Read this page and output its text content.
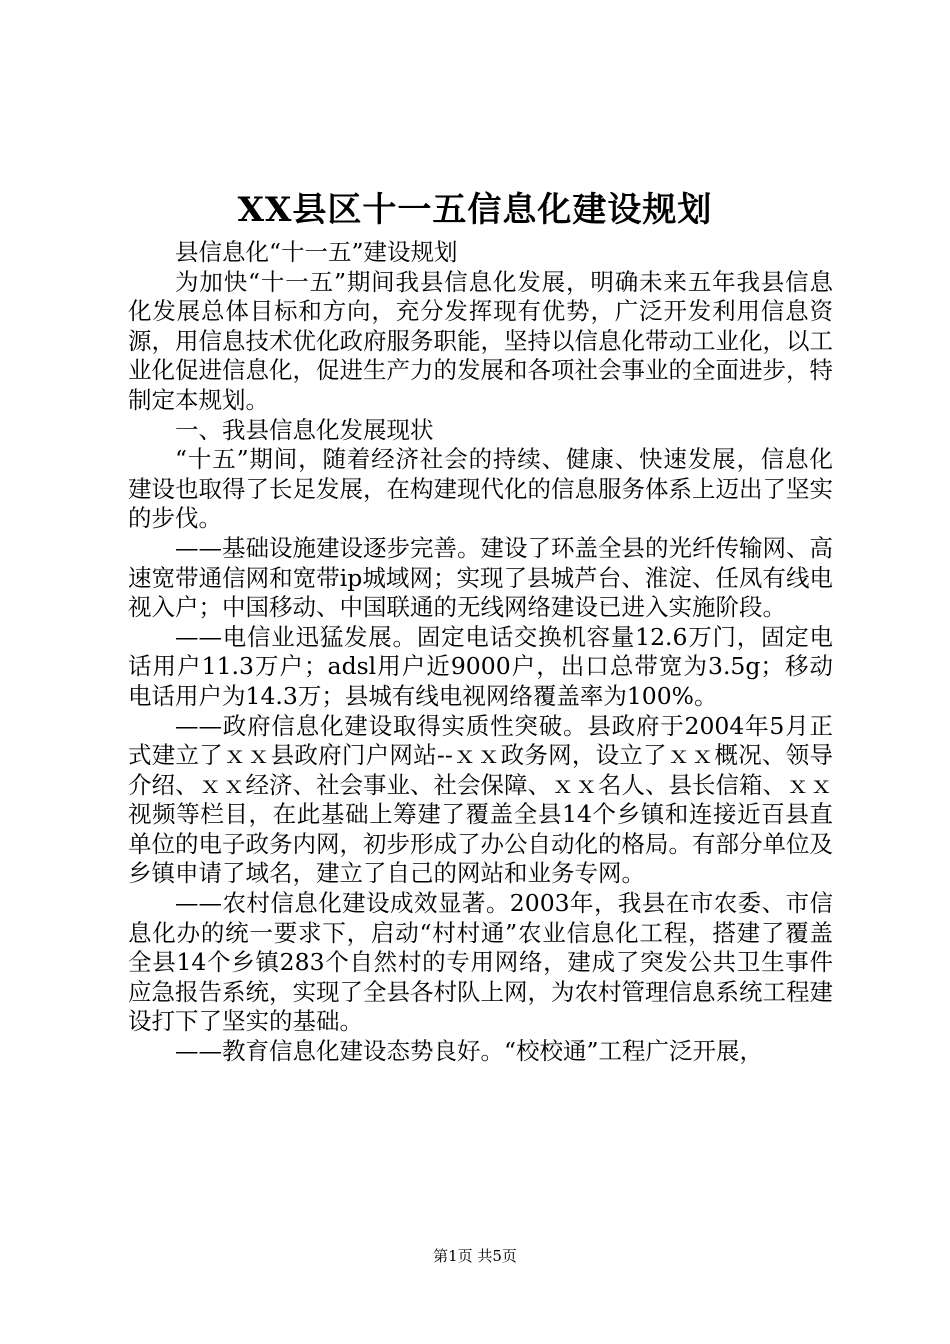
XX县区十一五信息化建设规划

县信息化“十一五”建设规划

为加快“十一五”期间我县信息化发展，明确未来五年我县信息化发展总体目标和方向，充分发挥现有优势，广泛开发利用信息资源，用信息技术优化政府服务职能，坚持以信息化带动工业化，以工业化促进信息化，促进生产力的发展和各项社会事业的全面进步，特制定本规划。

一、我县信息化发展现状

“十五”期间，随着经济社会的持续、健康、快速发展，信息化建设也取得了长足发展，在构建现代化的信息服务体系上迈出了坚实的步伐。

——基础设施建设逐步完善。建设了环盖全县的光纤传输网、高速宽带通信网和宽带ip城域网；实现了县城芦台、淮淀、任凤有线电视入户；中国移动、中国联通的无线网络建设已进入实施阶段。

——电信业迅猛发展。固定电话交换机容量12.6万门，固定电话用户11.3万户；adsl用户近9000户，出口总带宽为3.5g；移动电话用户为14.3万；县城有线电视网络覆盖率为100%。

——政府信息化建设取得实质性突破。县政府于2004年5月正式建立了ｘｘ县政府门户网站--ｘｘ政务网，设立了ｘｘ概况、领导介绍、ｘｘ经济、社会事业、社会保障、ｘｘ名人、县长信箱、ｘｘ视频等栏目，在此基础上筹建了覆盖全县14个乡镇和连接近百县直单位的电子政务内网，初步形成了办公自动化的格局。有部分单位及乡镇申请了域名，建立了自己的网站和业务专网。

——农村信息化建设成效显著。2003年，我县在市农委、市信息化办的统一要求下，启动“村村通”农业信息化工程，搭建了覆盖全县14个乡镇283个自然村的专用网络，建成了突发公共卫生事件应急报告系统，实现了全县各村队上网，为农村管理信息系统工程建设打下了坚实的基础。

——教育信息化建设态势良好。“校校通”工程广泛开展，

第1页 共5页
